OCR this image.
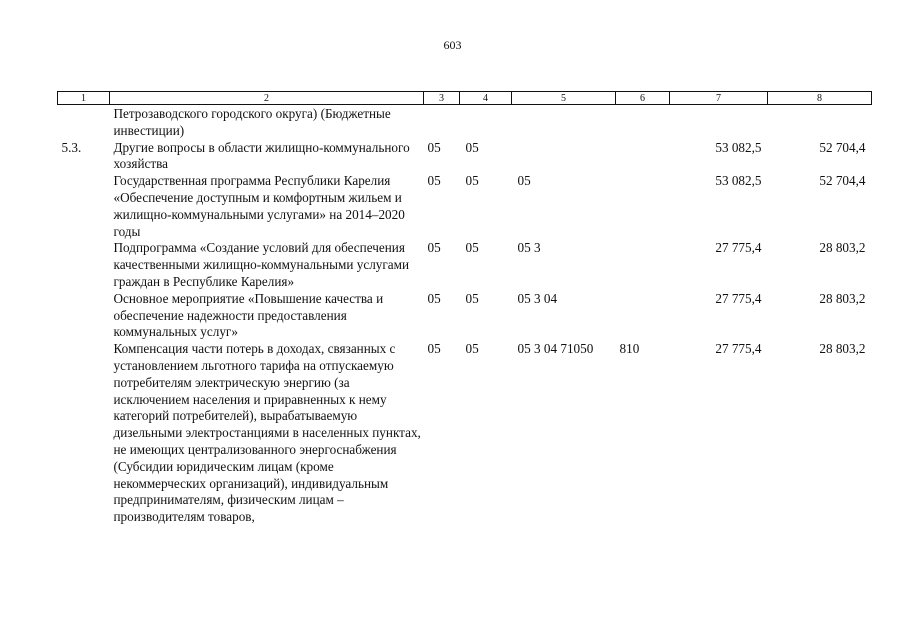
603
1	2	3	4	5	6	7	8
	Петрозаводского городского округа) (Бюджетные инвестиции)						
5.3.	Другие вопросы в области жилищно-коммунального хозяйства	05	05			53 082,5	52 704,4
	Государственная программа Республики Карелия «Обеспечение доступным и комфортным жильем и жилищно-коммунальными услугами» на 2014–2020 годы	05	05	05		53 082,5	52 704,4
	Подпрограмма «Создание условий для обеспечения качественными жилищно-коммунальными услугами граждан в Республике Карелия»	05	05	05 3		27 775,4	28 803,2
	Основное мероприятие «Повышение качества и обеспечение надежности предоставления коммунальных услуг»	05	05	05 3 04		27 775,4	28 803,2
	Компенсация части потерь в доходах, связанных с установлением льготного тарифа на отпускаемую потребителям электрическую энергию (за исключением населения и приравненных к нему категорий потребителей), вырабатываемую дизельными электростанциями в населенных пунктах, не имеющих централизованного энергоснабжения (Субсидии юридическим лицам (кроме некоммерческих организаций), индивидуальным предпринимателям, физическим лицам – производителям товаров,	05	05	05 3 04 71050	810	27 775,4	28 803,2
